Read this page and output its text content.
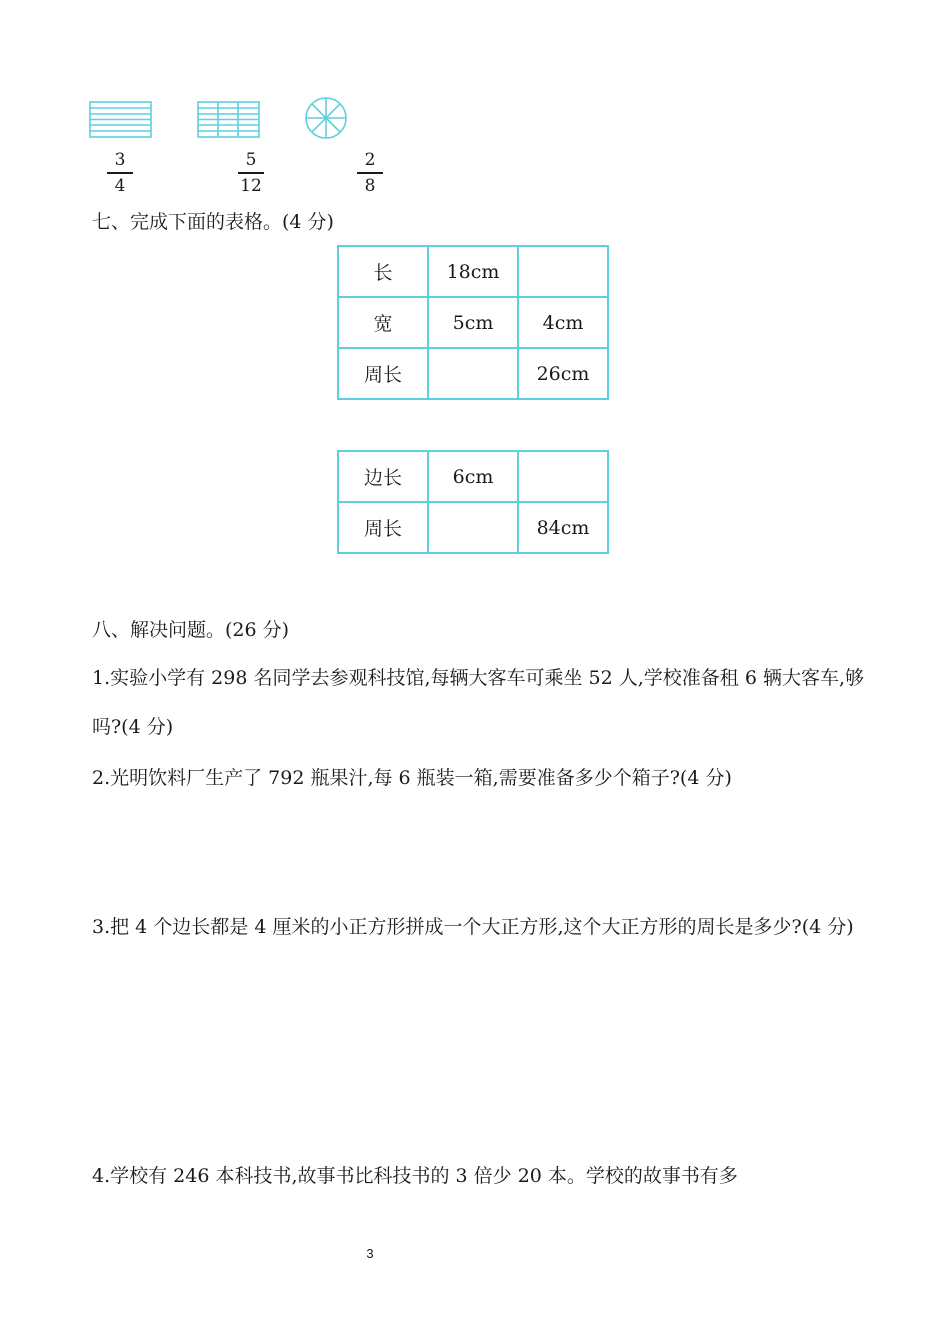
3
4
5
12
2
8
七、完成下面的表格。(4 分)
长	18cm	
宽	5cm	4cm
周长		26cm
边长	6cm	
周长		84cm
八、解决问题。(26 分)
1.实验小学有 298 名同学去参观科技馆,每辆大客车可乘坐 52 人,学校准备租 6 辆大客车,够吗?(4 分)
2.光明饮料厂生产了 792 瓶果汁,每 6 瓶装一箱,需要准备多少个箱子?(4 分)
3.把 4 个边长都是 4 厘米的小正方形拼成一个大正方形,这个大正方形的周长是多少?(4 分)
4.学校有 246 本科技书,故事书比科技书的 3 倍少 20 本。学校的故事书有多
3
